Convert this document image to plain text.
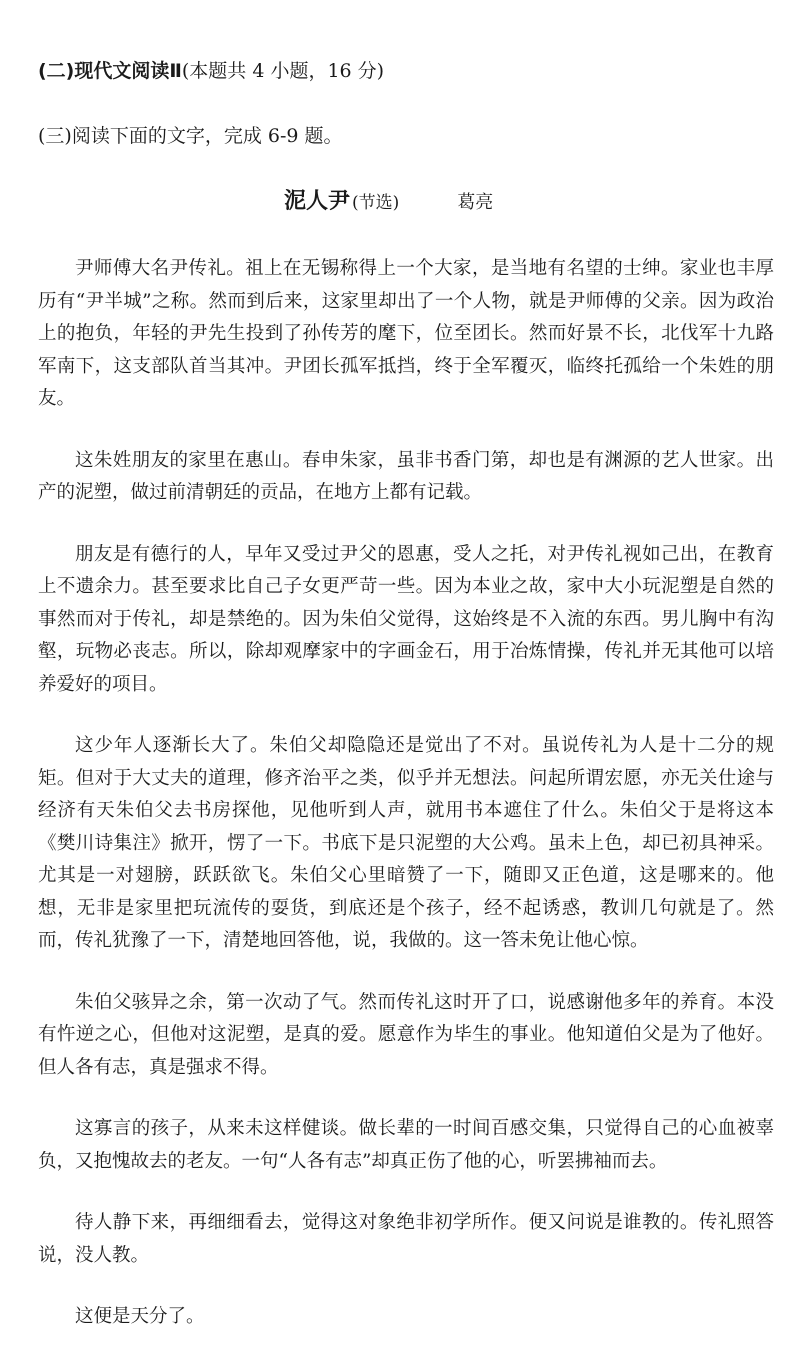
(二)现代文阅读Ⅱ(本题共 4 小题，16 分)
(三)阅读下面的文字，完成 6-9 题。
泥人尹 (节选)	葛亮

尹师傅大名尹传礼。祖上在无锡称得上一个大家，是当地有名望的士绅。家业也丰厚历有“尹半城”之称。然而到后来，这家里却出了一个人物，就是尹师傅的父亲。因为政治上的抱负，年轻的尹先生投到了孙传芳的麾下，位至团长。然而好景不长，北伐军十九路军南下，这支部队首当其冲。尹团长孤军抵挡，终于全军覆灭，临终托孤给一个朱姓的朋友。

这朱姓朋友的家里在惠山。春申朱家，虽非书香门第，却也是有渊源的艺人世家。出产的泥塑，做过前清朝廷的贡品，在地方上都有记载。

朋友是有德行的人，早年又受过尹父的恩惠，受人之托，对尹传礼视如己出，在教育上不遗余力。甚至要求比自己子女更严苛一些。因为本业之故，家中大小玩泥塑是自然的事然而对于传礼，却是禁绝的。因为朱伯父觉得，这始终是不入流的东西。男儿胸中有沟壑，玩物必丧志。所以，除却观摩家中的字画金石，用于冶炼情操，传礼并无其他可以培养爱好的项目。

这少年人逐渐长大了。朱伯父却隐隐还是觉出了不对。虽说传礼为人是十二分的规矩。但对于大丈夫的道理，修齐治平之类，似乎并无想法。问起所谓宏愿，亦无关仕途与经济有天朱伯父去书房探他，见他听到人声，就用书本遮住了什么。朱伯父于是将这本《樊川诗集注》掀开，愣了一下。书底下是只泥塑的大公鸡。虽未上色，却已初具神采。尤其是一对翅膀，跃跃欲飞。朱伯父心里暗赞了一下，随即又正色道，这是哪来的。他想，无非是家里把玩流传的耍货，到底还是个孩子，经不起诱惑，教训几句就是了。然而，传礼犹豫了一下，清楚地回答他，说，我做的。这一答未免让他心惊。

朱伯父骇异之余，第一次动了气。然而传礼这时开了口，说感谢他多年的养育。本没有忤逆之心，但他对这泥塑，是真的爱。愿意作为毕生的事业。他知道伯父是为了他好。但人各有志，真是强求不得。

这寡言的孩子，从来未这样健谈。做长辈的一时间百感交集，只觉得自己的心血被辜负，又抱愧故去的老友。一句“人各有志”却真正伤了他的心，听罢拂袖而去。

待人静下来，再细细看去，觉得这对象绝非初学所作。便又问说是谁教的。传礼照答说，没人教。

这便是天分了。
